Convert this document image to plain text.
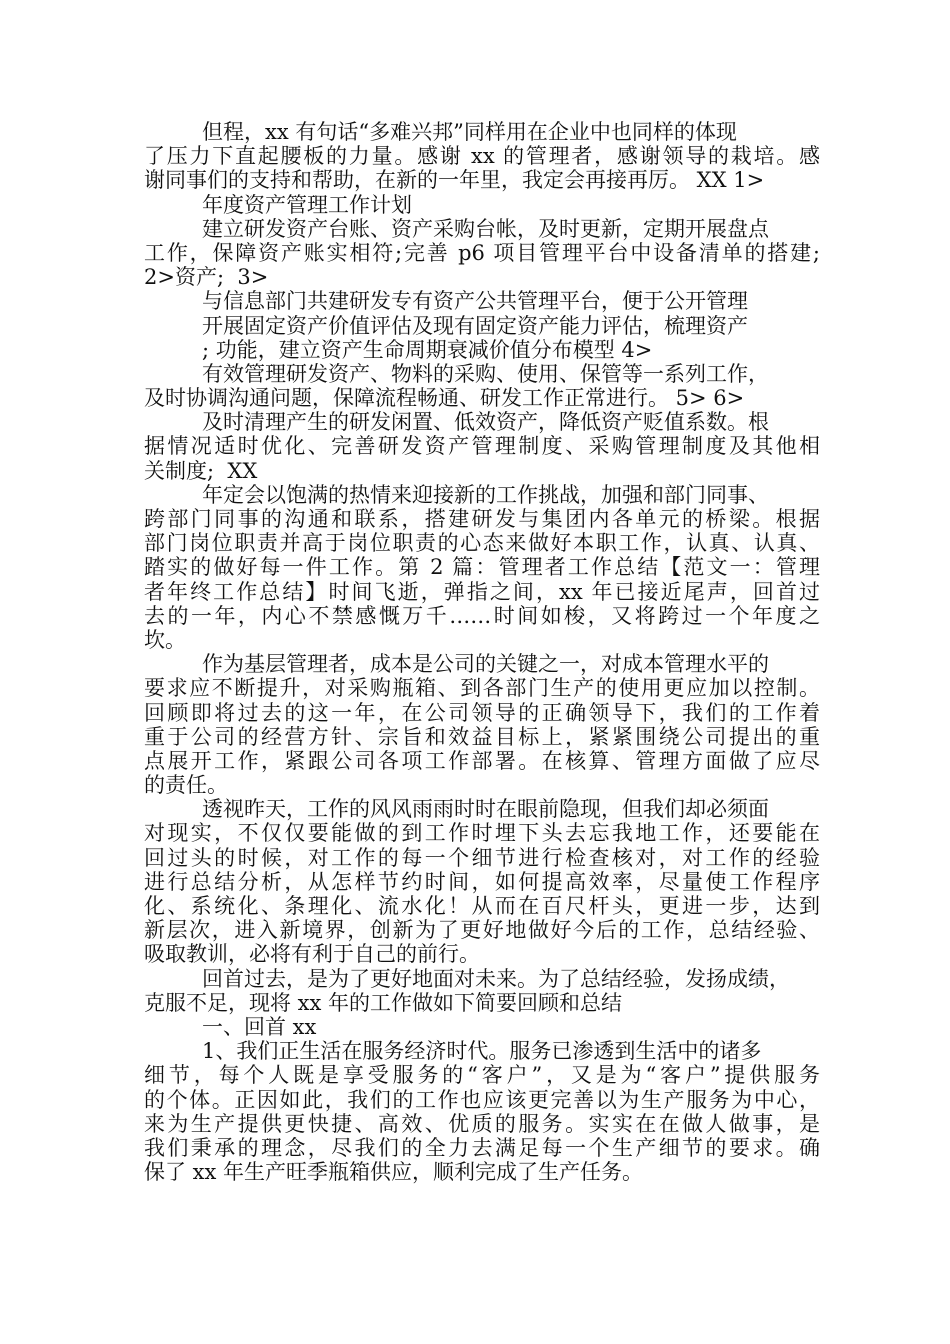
但程，xx 有句话“多难兴邦”同样用在企业中也同样的体现
了压力下直起腰板的力量。感谢 xx 的管理者，感谢领导的栽培。感
谢同事们的支持和帮助，在新的一年里，我定会再接再厉。 XX 1>
年度资产管理工作计划
建立研发资产台账、资产采购台帐，及时更新，定期开展盘点
工作，保障资产账实相符;完善 p6 项目管理平台中设备清单的搭建;
2>资产;  3>
与信息部门共建研发专有资产公共管理平台，便于公开管理
开展固定资产价值评估及现有固定资产能力评估，梳理资产
; 功能，建立资产生命周期衰减价值分布模型 4>
有效管理研发资产、物料的采购、使用、保管等一系列工作，
及时协调沟通问题，保障流程畅通、研发工作正常进行。 5> 6>
及时清理产生的研发闲置、低效资产，降低资产贬值系数。根
据情况适时优化、完善研发资产管理制度、采购管理制度及其他相
关制度;  XX
年定会以饱满的热情来迎接新的工作挑战，加强和部门同事、
跨部门同事的沟通和联系，搭建研发与集团内各单元的桥梁。根据
部门岗位职责并高于岗位职责的心态来做好本职工作，认真、认真、
踏实的做好每一件工作。第 2 篇：管理者工作总结【范文一：管理
者年终工作总结】时间飞逝，弹指之间，xx 年已接近尾声，回首过
去的一年，内心不禁感慨万千……时间如梭，又将跨过一个年度之
坎。
作为基层管理者，成本是公司的关键之一，对成本管理水平的
要求应不断提升，对采购瓶箱、到各部门生产的使用更应加以控制。
回顾即将过去的这一年，在公司领导的正确领导下，我们的工作着
重于公司的经营方针、宗旨和效益目标上，紧紧围绕公司提出的重
点展开工作，紧跟公司各项工作部署。在核算、管理方面做了应尽
的责任。
透视昨天，工作的风风雨雨时时在眼前隐现，但我们却必须面
对现实，不仅仅要能做的到工作时埋下头去忘我地工作，还要能在
回过头的时候，对工作的每一个细节进行检查核对，对工作的经验
进行总结分析，从怎样节约时间，如何提高效率，尽量使工作程序
化、系统化、条理化、流水化！从而在百尺杆头，更进一步，达到
新层次，进入新境界，创新为了更好地做好今后的工作，总结经验、
吸取教训，必将有利于自己的前行。
回首过去，是为了更好地面对未来。为了总结经验，发扬成绩，
克服不足，现将 xx 年的工作做如下简要回顾和总结
一、回首 xx
1、我们正生活在服务经济时代。服务已渗透到生活中的诸多
细节，每个人既是享受服务的“客户”，又是为“客户”提供服务
的个体。正因如此，我们的工作也应该更完善以为生产服务为中心，
来为生产提供更快捷、高效、优质的服务。实实在在做人做事，是
我们秉承的理念，尽我们的全力去满足每一个生产细节的要求。确
保了 xx 年生产旺季瓶箱供应，顺利完成了生产任务。
